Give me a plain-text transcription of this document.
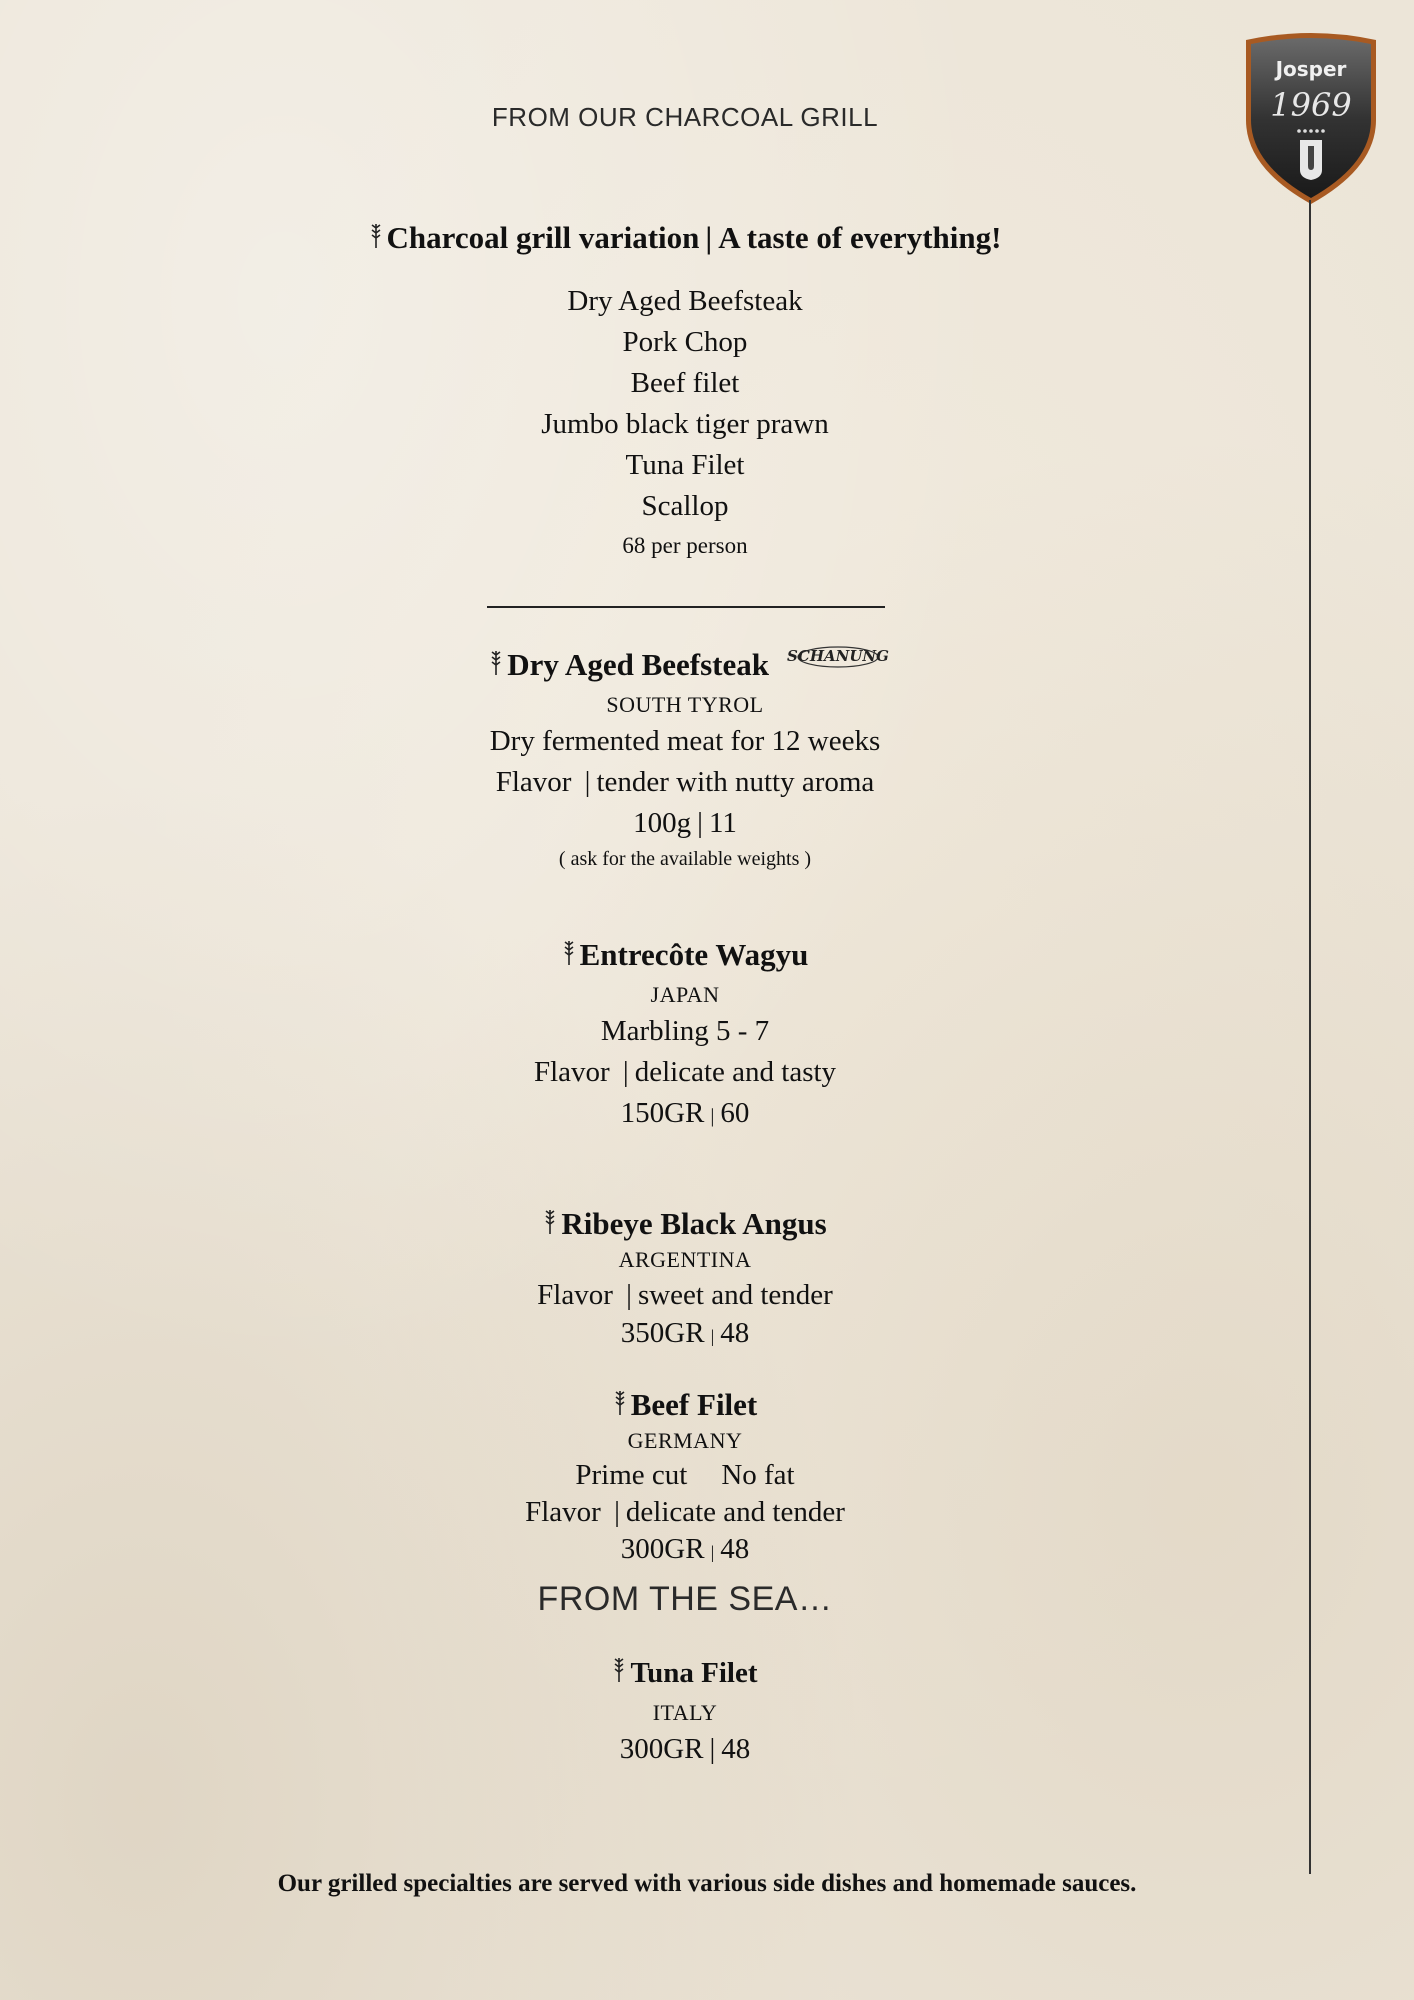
Josper
1969
FROM OUR CHARCOAL GRILL
Charcoal grill variation | A taste of everything!
Dry Aged Beefsteak
Pork Chop
Beef filet
Jumbo black tiger prawn
Tuna Filet
Scallop
68 per person
Dry Aged Beefsteak SCHANUNG
SOUTH TYROL
Dry fermented meat for 12 weeks
Flavor | tender with nutty aroma
100g | 11
( ask for the available weights )
Entrecôte Wagyu
JAPAN
Marbling 5 - 7
Flavor | delicate and tasty
150GR | 60
Ribeye Black Angus
ARGENTINA
Flavor | sweet and tender
350GR | 48
Beef Filet
GERMANY
Prime cut No fat
Flavor | delicate and tender
300GR | 48
FROM THE SEA…
Tuna Filet
ITALY
300GR | 48
Our grilled specialties are served with various side dishes and homemade sauces.
